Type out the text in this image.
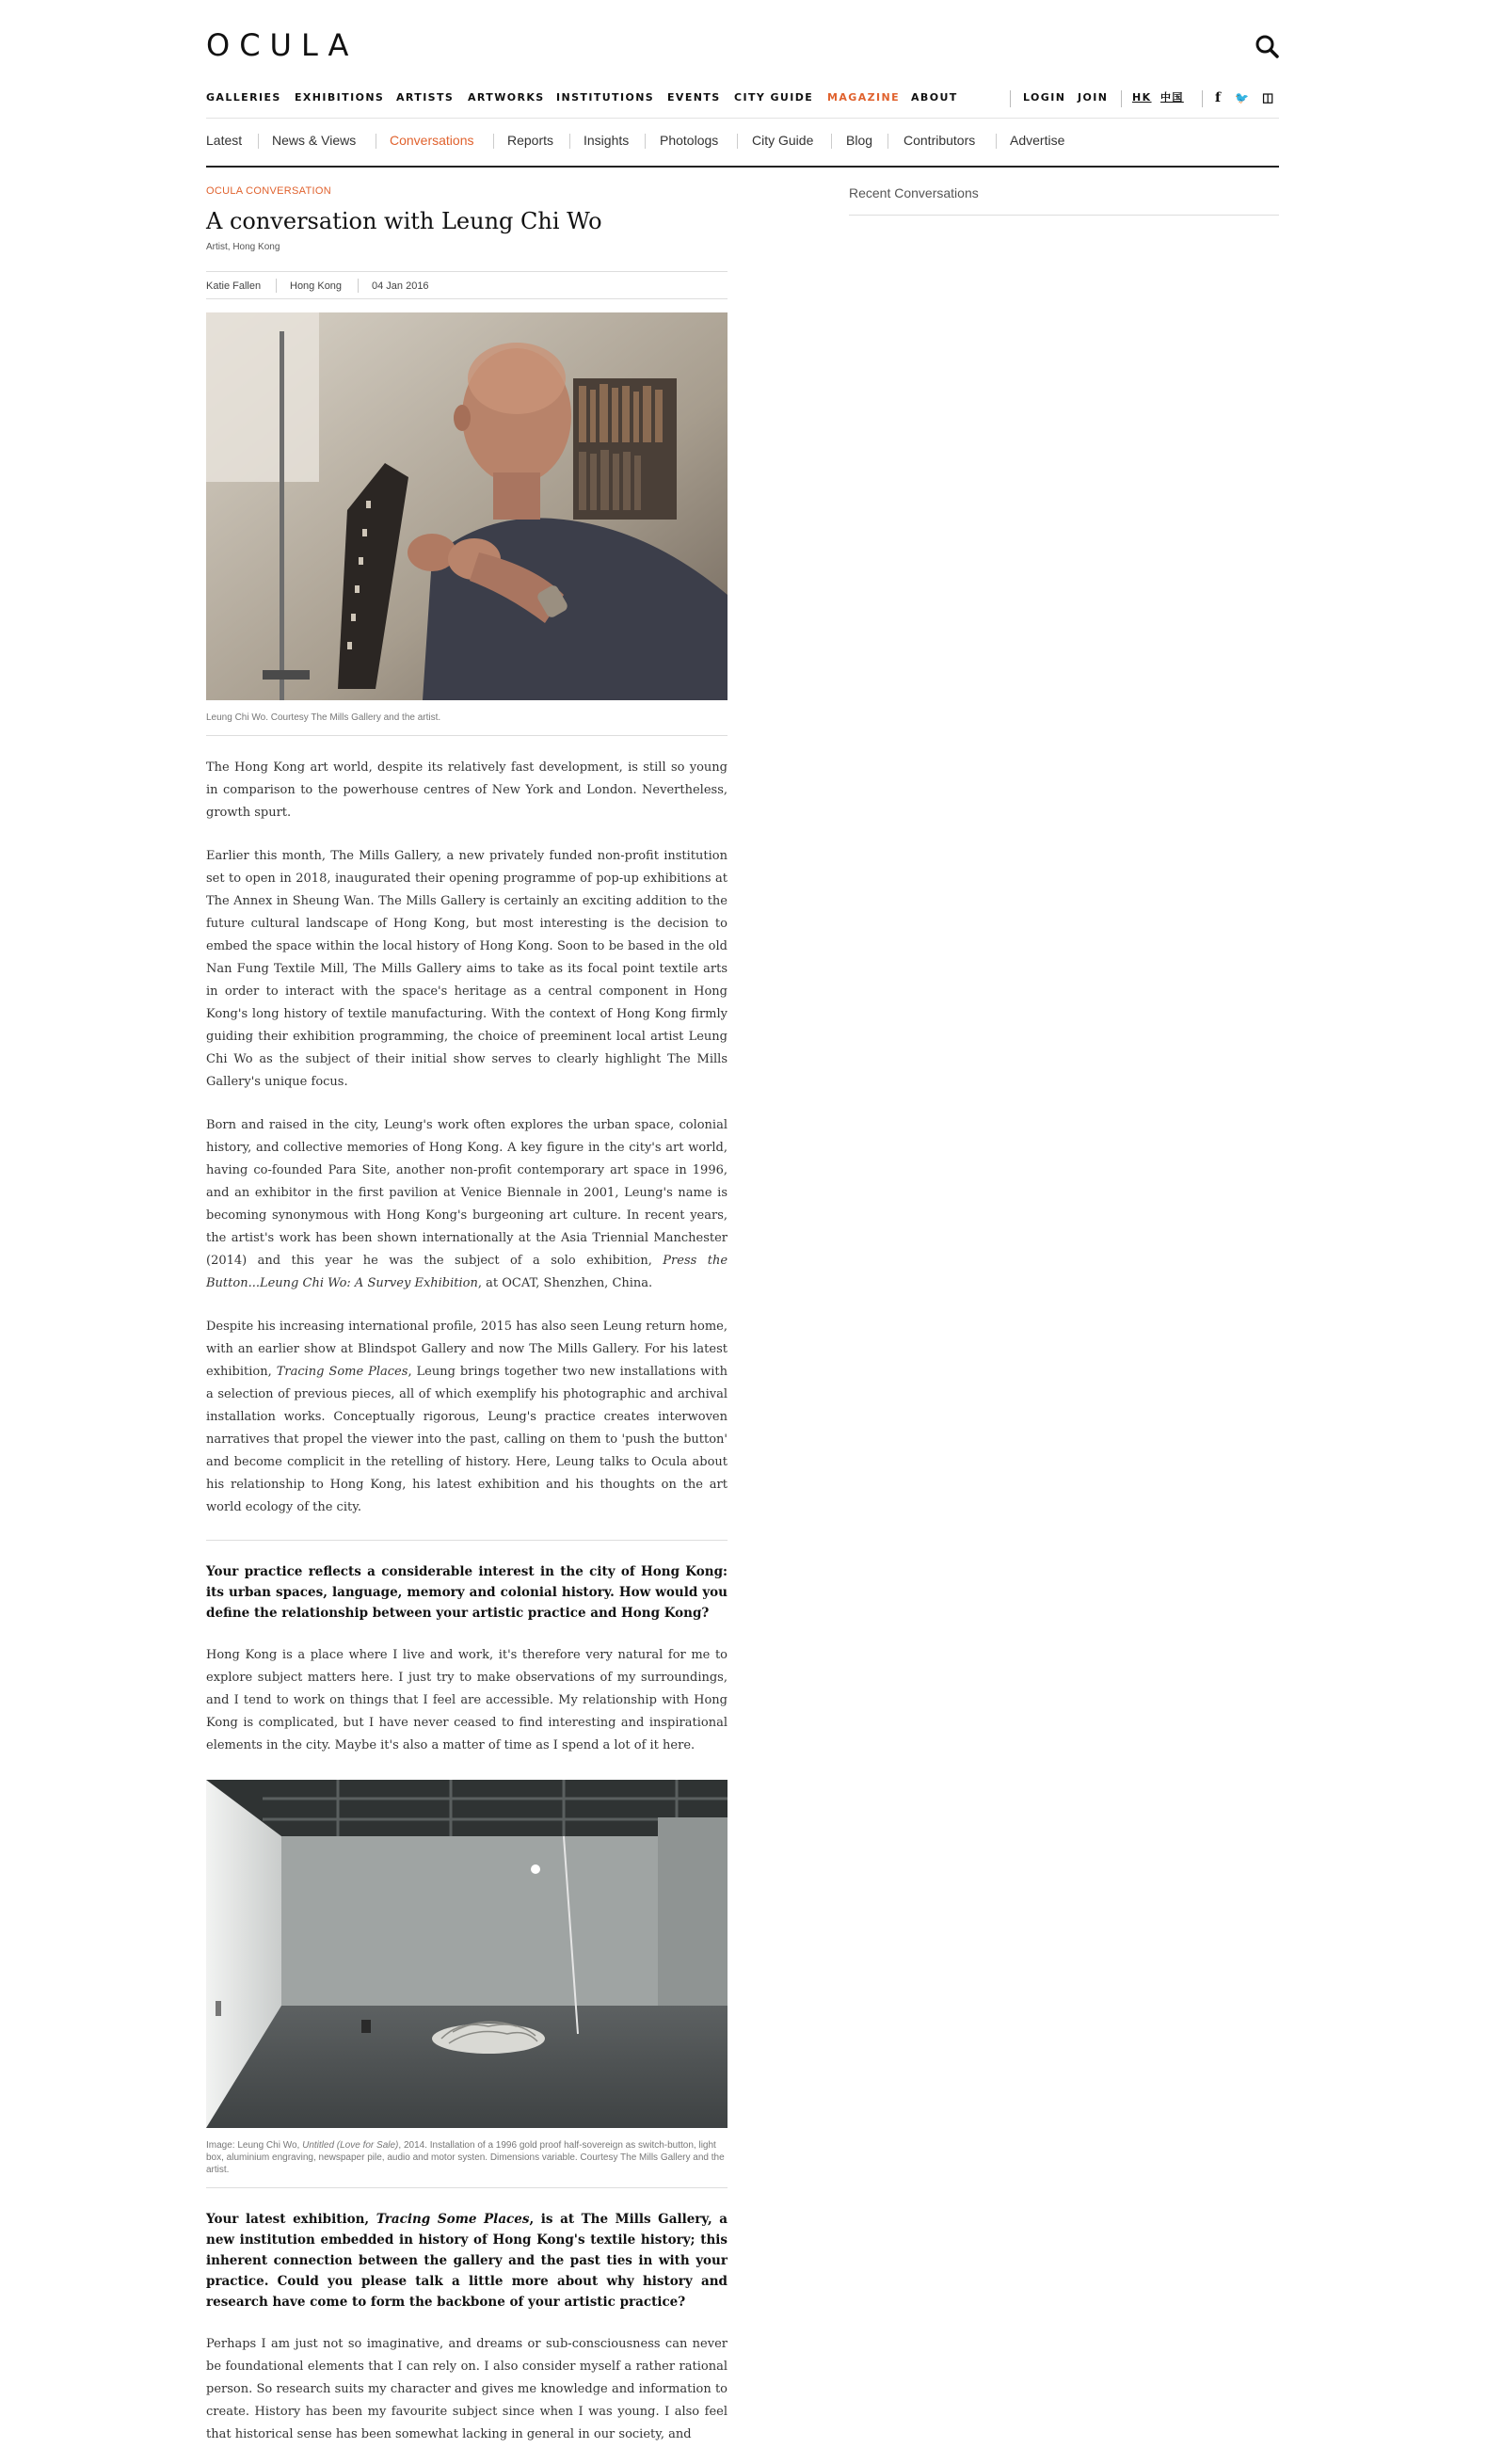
OCULA
GALLERIES EXHIBITIONS ARTISTS ARTWORKS INSTITUTIONS EVENTS CITY GUIDE MAGAZINE ABOUT	LOGIN JOIN HK 中国 f 🐦 ◫
Latest News & Views	Conversations	Reports Insights Photologs	City Guide Blog Contributors	Advertise
OCULA CONVERSATION
A conversation with Leung Chi Wo
Artist, Hong Kong
Katie Fallen	Hong Kong	04 Jan 2016
Leung Chi Wo. Courtesy The Mills Gallery and the artist.

The Hong Kong art world, despite its relatively fast development, is still so young in comparison to the powerhouse centres of New York and London. Nevertheless, growth spurt.

Earlier this month, The Mills Gallery, a new privately funded non-profit institution set to open in 2018, inaugurated their opening programme of pop-up exhibitions at The Annex in Sheung Wan. The Mills Gallery is certainly an exciting addition to the future cultural landscape of Hong Kong, but most interesting is the decision to embed the space within the local history of Hong Kong. Soon to be based in the old Nan Fung Textile Mill, The Mills Gallery aims to take as its focal point textile arts in order to interact with the space's heritage as a central component in Hong Kong's long history of textile manufacturing. With the context of Hong Kong firmly guiding their exhibition programming, the choice of preeminent local artist Leung Chi Wo as the subject of their initial show serves to clearly highlight The Mills Gallery's unique focus.

Born and raised in the city, Leung's work often explores the urban space, colonial history, and collective memories of Hong Kong. A key figure in the city's art world, having co-founded Para Site, another non-profit contemporary art space in 1996, and an exhibitor in the first pavilion at Venice Biennale in 2001, Leung's name is becoming synonymous with Hong Kong's burgeoning art culture. In recent years, the artist's work has been shown internationally at the Asia Triennial Manchester (2014) and this year he was the subject of a solo exhibition, Press the Button...Leung Chi Wo: A Survey Exhibition, at OCAT, Shenzhen, China.

Despite his increasing international profile, 2015 has also seen Leung return home, with an earlier show at Blindspot Gallery and now The Mills Gallery. For his latest exhibition, Tracing Some Places, Leung brings together two new installations with a selection of previous pieces, all of which exemplify his photographic and archival installation works. Conceptually rigorous, Leung's practice creates interwoven narratives that propel the viewer into the past, calling on them to 'push the button' and become complicit in the retelling of history. Here, Leung talks to Ocula about his relationship to Hong Kong, his latest exhibition and his thoughts on the art world ecology of the city.

Your practice reflects a considerable interest in the city of Hong Kong: its urban spaces, language, memory and colonial history. How would you define the relationship between your artistic practice and Hong Kong?

Hong Kong is a place where I live and work, it's therefore very natural for me to explore subject matters here. I just try to make observations of my surroundings, and I tend to work on things that I feel are accessible. My relationship with Hong Kong is complicated, but I have never ceased to find interesting and inspirational elements in the city. Maybe it's also a matter of time as I spend a lot of it here.

Image: Leung Chi Wo, Untitled (Love for Sale), 2014. Installation of a 1996 gold proof half-sovereign as switch-button, light box, aluminium engraving, newspaper pile, audio and motor systen. Dimensions variable. Courtesy The Mills Gallery and the artist.

Your latest exhibition, Tracing Some Places, is at The Mills Gallery, a new institution embedded in history of Hong Kong's textile history; this inherent connection between the gallery and the past ties in with your practice. Could you please talk a little more about why history and research have come to form the backbone of your artistic practice?

Perhaps I am just not so imaginative, and dreams or sub-consciousness can never be foundational elements that I can rely on. I also consider myself a rather rational person. So research suits my character and gives me knowledge and information to create. History has been my favourite subject since when I was young. I also feel that historical sense has been somewhat lacking in general in our society, and

Recent Conversations
